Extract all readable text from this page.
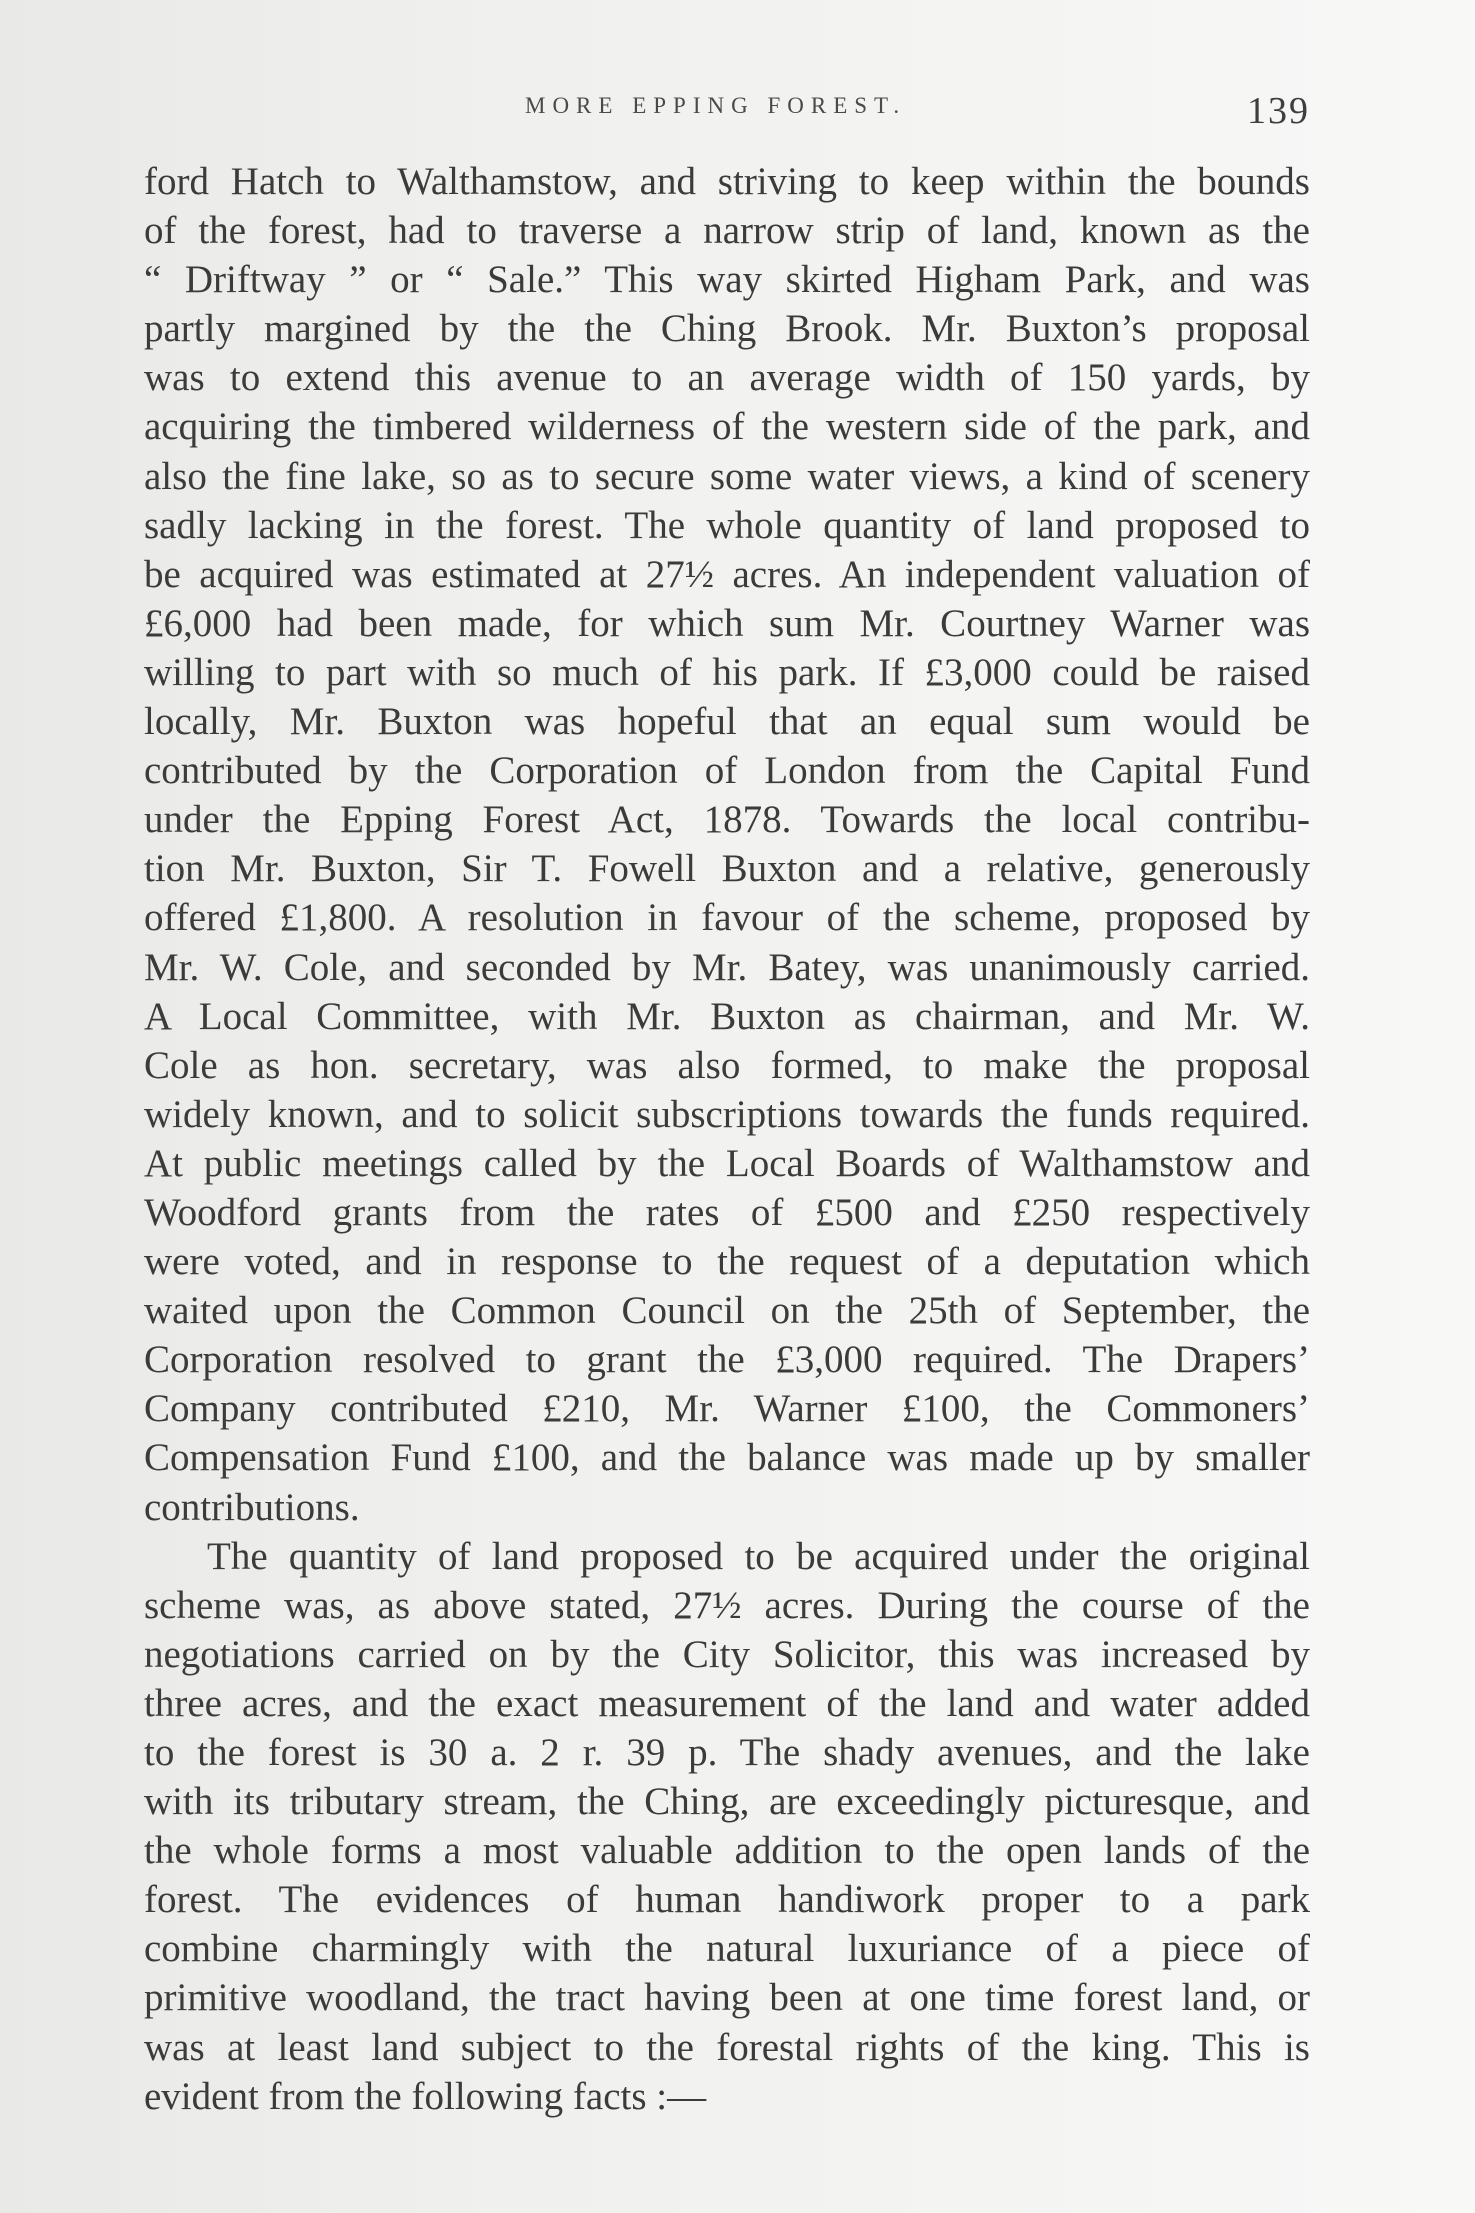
MORE EPPING FOREST.	139
ford Hatch to Walthamstow, and striving to keep within the bounds
of the forest, had to traverse a narrow strip of land, known as the
“ Driftway ” or “ Sale.” This way skirted Higham Park, and was
partly margined by the the Ching Brook. Mr. Buxton’s proposal
was to extend this avenue to an average width of 150 yards, by
acquiring the timbered wilderness of the western side of the park, and
also the fine lake, so as to secure some water views, a kind of scenery
sadly lacking in the forest. The whole quantity of land proposed to
be acquired was estimated at 27½ acres. An independent valuation of
£6,000 had been made, for which sum Mr. Courtney Warner was
willing to part with so much of his park. If £3,000 could be raised
locally, Mr. Buxton was hopeful that an equal sum would be
contributed by the Corporation of London from the Capital Fund
under the Epping Forest Act, 1878. Towards the local contribu-
tion Mr. Buxton, Sir T. Fowell Buxton and a relative, generously
offered £1,800. A resolution in favour of the scheme, proposed by
Mr. W. Cole, and seconded by Mr. Batey, was unanimously carried.
A Local Committee, with Mr. Buxton as chairman, and Mr. W.
Cole as hon. secretary, was also formed, to make the proposal
widely known, and to solicit subscriptions towards the funds required.
At public meetings called by the Local Boards of Walthamstow and
Woodford grants from the rates of £500 and £250 respectively
were voted, and in response to the request of a deputation which
waited upon the Common Council on the 25th of September, the
Corporation resolved to grant the £3,000 required. The Drapers’
Company contributed £210, Mr. Warner £100, the Commoners’
Compensation Fund £100, and the balance was made up by smaller
contributions.
The quantity of land proposed to be acquired under the original
scheme was, as above stated, 27½ acres. During the course of the
negotiations carried on by the City Solicitor, this was increased by
three acres, and the exact measurement of the land and water added
to the forest is 30 a. 2 r. 39 p. The shady avenues, and the lake
with its tributary stream, the Ching, are exceedingly picturesque, and
the whole forms a most valuable addition to the open lands of the
forest. The evidences of human handiwork proper to a park
combine charmingly with the natural luxuriance of a piece of
primitive woodland, the tract having been at one time forest land, or
was at least land subject to the forestal rights of the king. This is
evident from the following facts :—
